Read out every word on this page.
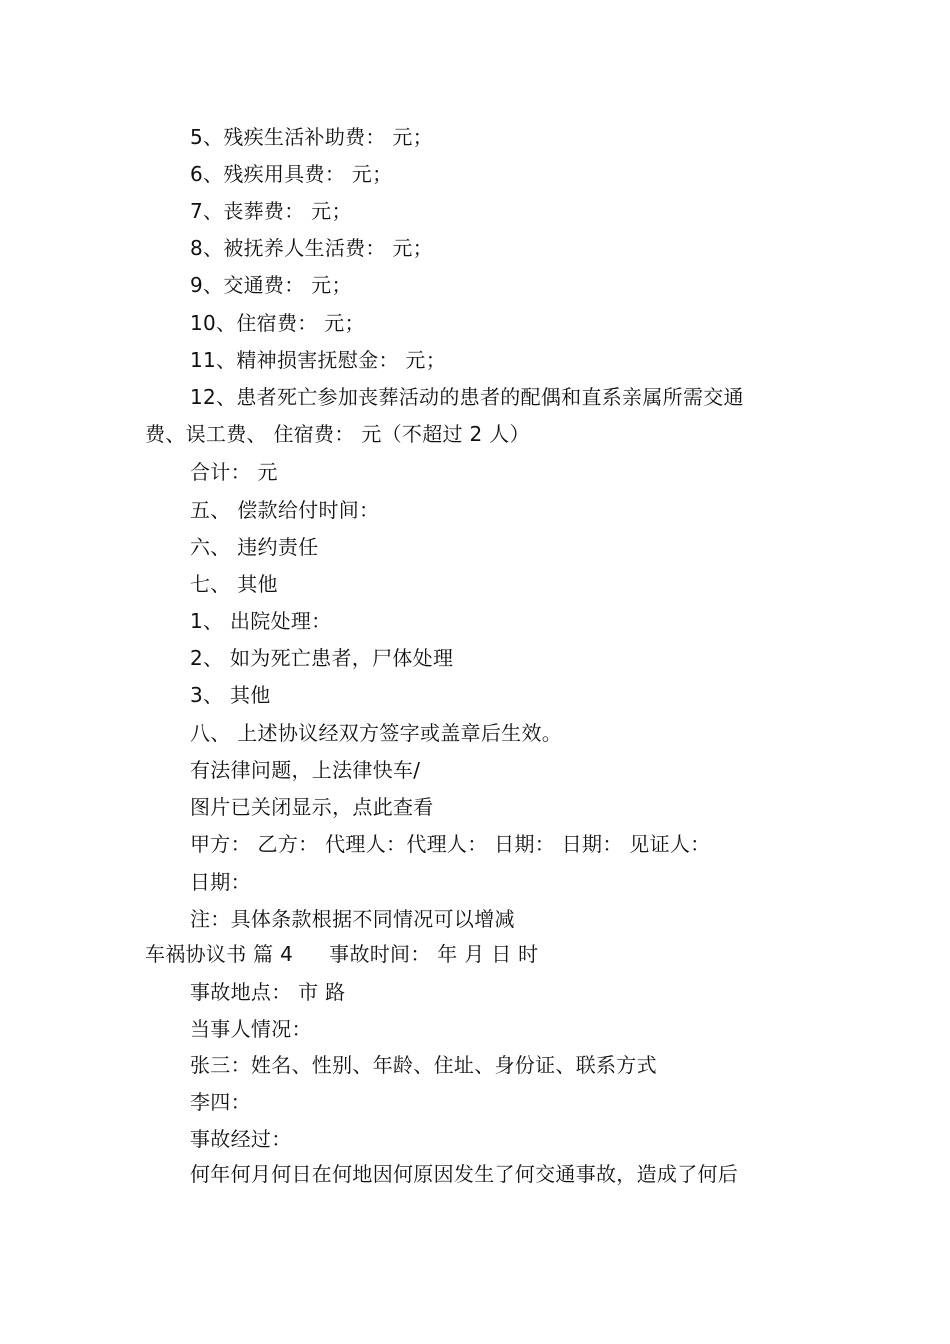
5、残疾生活补助费： 元；
6、残疾用具费： 元；
7、丧葬费： 元；
8、被抚养人生活费： 元；
9、交通费： 元；
10、住宿费： 元；
11、精神损害抚慰金： 元；
12、患者死亡参加丧葬活动的患者的配偶和直系亲属所需交通
费、误工费、 住宿费： 元（不超过 2 人）
合计： 元
五、 偿款给付时间：
六、 违约责任
七、 其他
1、 出院处理：
2、 如为死亡患者，尸体处理
3、 其他
八、 上述协议经双方签字或盖章后生效。
有法律问题，上法律快车/
图片已关闭显示，点此查看
甲方： 乙方： 代理人：代理人： 日期： 日期： 见证人：
日期：
注：具体条款根据不同情况可以增减
车祸协议书 篇 4 事故时间： 年 月 日 时
事故地点： 市 路
当事人情况：
张三：姓名、性别、年龄、住址、身份证、联系方式
李四：
事故经过：
何年何月何日在何地因何原因发生了何交通事故，造成了何后
